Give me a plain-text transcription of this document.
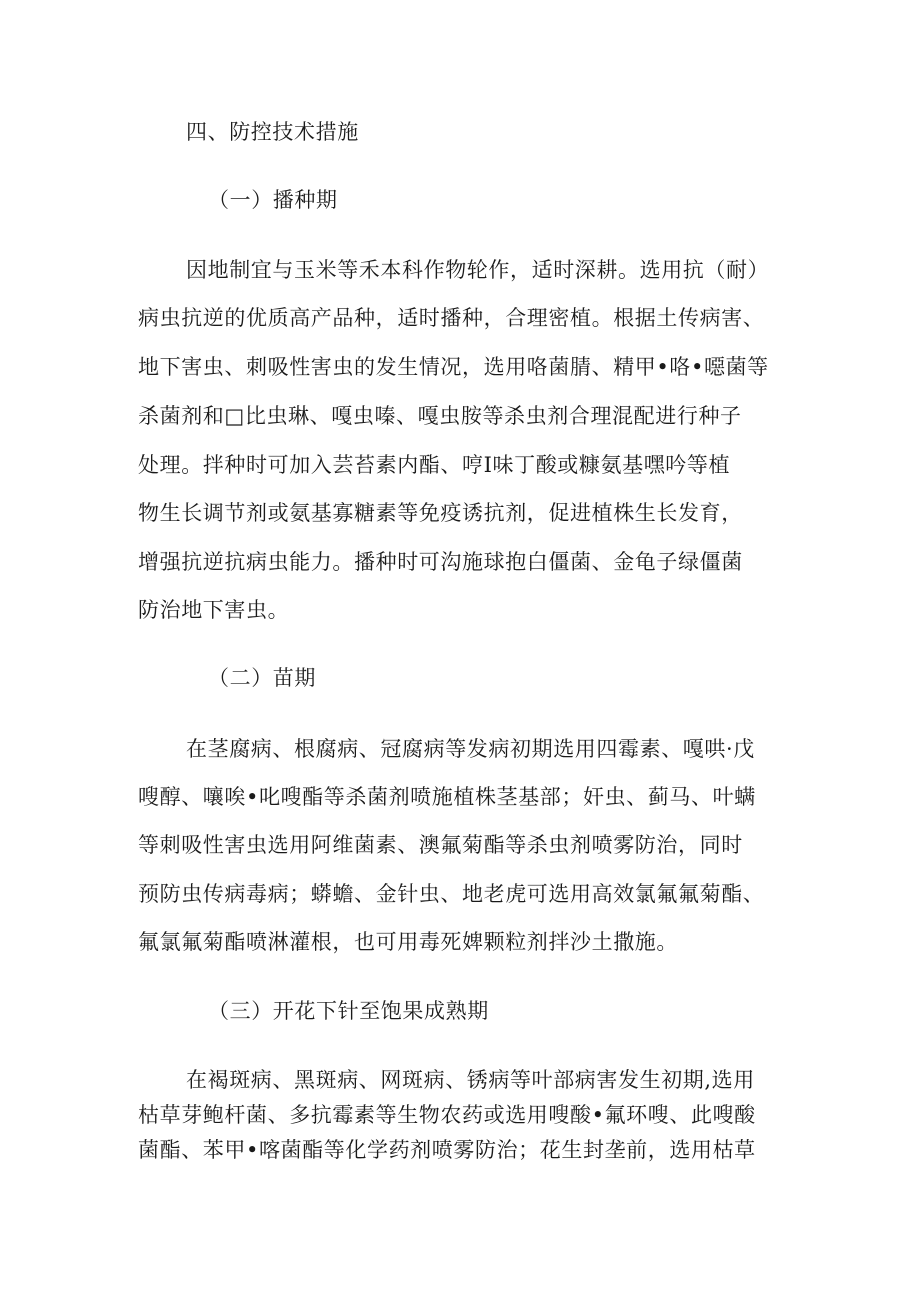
四、防控技术措施
（一）播种期
因地制宜与玉米等禾本科作物轮作，适时深耕。选用抗（耐）
病虫抗逆的优质高产品种，适时播种，合理密植。根据土传病害、
地下害虫、刺吸性害虫的发生情况，选用咯菌腈、精甲•咯•噁菌等
杀菌剂和□比虫琳、嘎虫嗪、嘎虫胺等杀虫剂合理混配进行种子
处理。拌种时可加入芸苔素内酯、哼I味丁酸或糠氨基嘿吟等植
物生长调节剂或氨基寡糖素等免疫诱抗剂，促进植株生长发育，
增强抗逆抗病虫能力。播种时可沟施球抱白僵菌、金龟子绿僵菌
防治地下害虫。
（二）苗期
在茎腐病、根腐病、冠腐病等发病初期选用四霉素、嘎哄·戊
嗖醇、嚷唉•叱嗖酯等杀菌剂喷施植株茎基部；奸虫、蓟马、叶螨
等刺吸性害虫选用阿维菌素、澳氟菊酯等杀虫剂喷雾防治，同时
预防虫传病毒病；蟒蟾、金针虫、地老虎可选用高效氯氟氟菊酯、
氟氯氟菊酯喷淋灌根，也可用毒死婢颗粒剂拌沙土撒施。
（三）开花下针至饱果成熟期
在褐斑病、黑斑病、网斑病、锈病等叶部病害发生初期,选用
枯草芽鲍杆菌、多抗霉素等生物农药或选用嗖酸•氟环嗖、此嗖酸
菌酯、苯甲•喀菌酯等化学药剂喷雾防治；花生封垄前，选用枯草
